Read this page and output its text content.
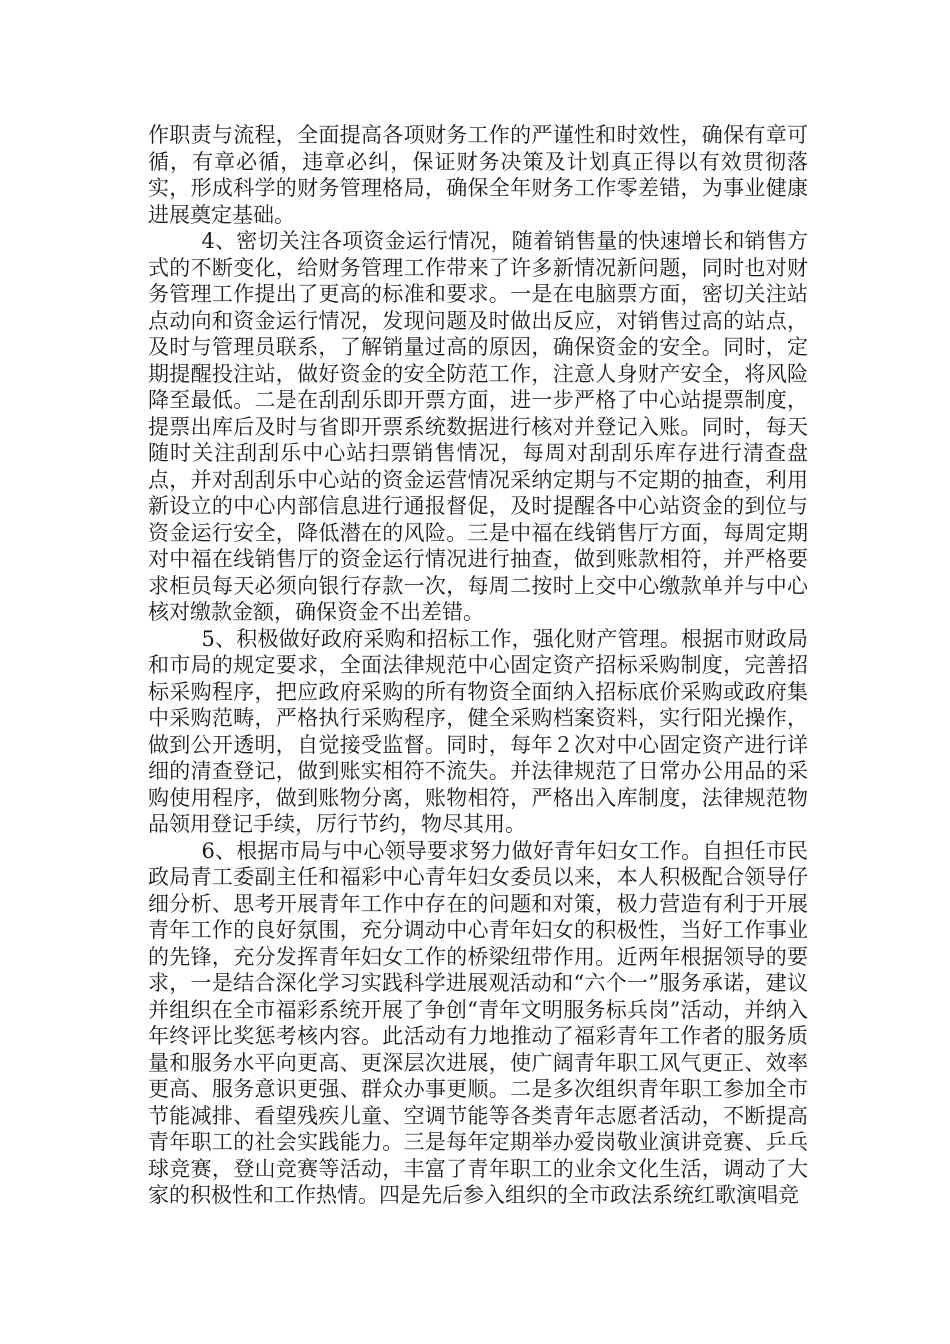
作职责与流程，全面提高各项财务工作的严谨性和时效性，确保有章可循，有章必循，违章必纠，保证财务决策及计划真正得以有效贯彻落实，形成科学的财务管理格局，确保全年财务工作零差错，为事业健康进展奠定基础。

4、密切关注各项资金运行情况，随着销售量的快速增长和销售方式的不断变化，给财务管理工作带来了许多新情况新问题，同时也对财务管理工作提出了更高的标准和要求。一是在电脑票方面，密切关注站点动向和资金运行情况，发现问题及时做出反应，对销售过高的站点，及时与管理员联系，了解销量过高的原因，确保资金的安全。同时，定期提醒投注站，做好资金的安全防范工作，注意人身财产安全，将风险降至最低。二是在刮刮乐即开票方面，进一步严格了中心站提票制度，提票出库后及时与省即开票系统数据进行核对并登记入账。同时，每天随时关注刮刮乐中心站扫票销售情况，每周对刮刮乐库存进行清查盘点，并对刮刮乐中心站的资金运营情况采纳定期与不定期的抽查，利用新设立的中心内部信息进行通报督促，及时提醒各中心站资金的到位与资金运行安全，降低潜在的风险。三是中福在线销售厅方面，每周定期对中福在线销售厅的资金运行情况进行抽查，做到账款相符，并严格要求柜员每天必须向银行存款一次，每周二按时上交中心缴款单并与中心核对缴款金额，确保资金不出差错。

5、积极做好政府采购和招标工作，强化财产管理。根据市财政局和市局的规定要求，全面法律规范中心固定资产招标采购制度，完善招标采购程序，把应政府采购的所有物资全面纳入招标底价采购或政府集中采购范畴，严格执行采购程序，健全采购档案资料，实行阳光操作，做到公开透明，自觉接受监督。同时，每年２次对中心固定资产进行详细的清查登记，做到账实相符不流失。并法律规范了日常办公用品的采购使用程序，做到账物分离，账物相符，严格出入库制度，法律规范物品领用登记手续，厉行节约，物尽其用。

6、根据市局与中心领导要求努力做好青年妇女工作。自担任市民政局青工委副主任和福彩中心青年妇女委员以来，本人积极配合领导仔细分析、思考开展青年工作中存在的问题和对策，极力营造有利于开展青年工作的良好氛围，充分调动中心青年妇女的积极性，当好工作事业的先锋，充分发挥青年妇女工作的桥梁纽带作用。近两年根据领导的要求，一是结合深化学习实践科学进展观活动和“六个一”服务承诺，建议并组织在全市福彩系统开展了争创“青年文明服务标兵岗”活动，并纳入年终评比奖惩考核内容。此活动有力地推动了福彩青年工作者的服务质量和服务水平向更高、更深层次进展，使广阔青年职工风气更正、效率更高、服务意识更强、群众办事更顺。二是多次组织青年职工参加全市节能减排、看望残疾儿童、空调节能等各类青年志愿者活动，不断提高青年职工的社会实践能力。三是每年定期举办爱岗敬业演讲竞赛、乒乓球竞赛，登山竞赛等活动，丰富了青年职工的业余文化生活，调动了大家的积极性和工作热情。四是先后参入组织的全市政法系统红歌演唱竞
